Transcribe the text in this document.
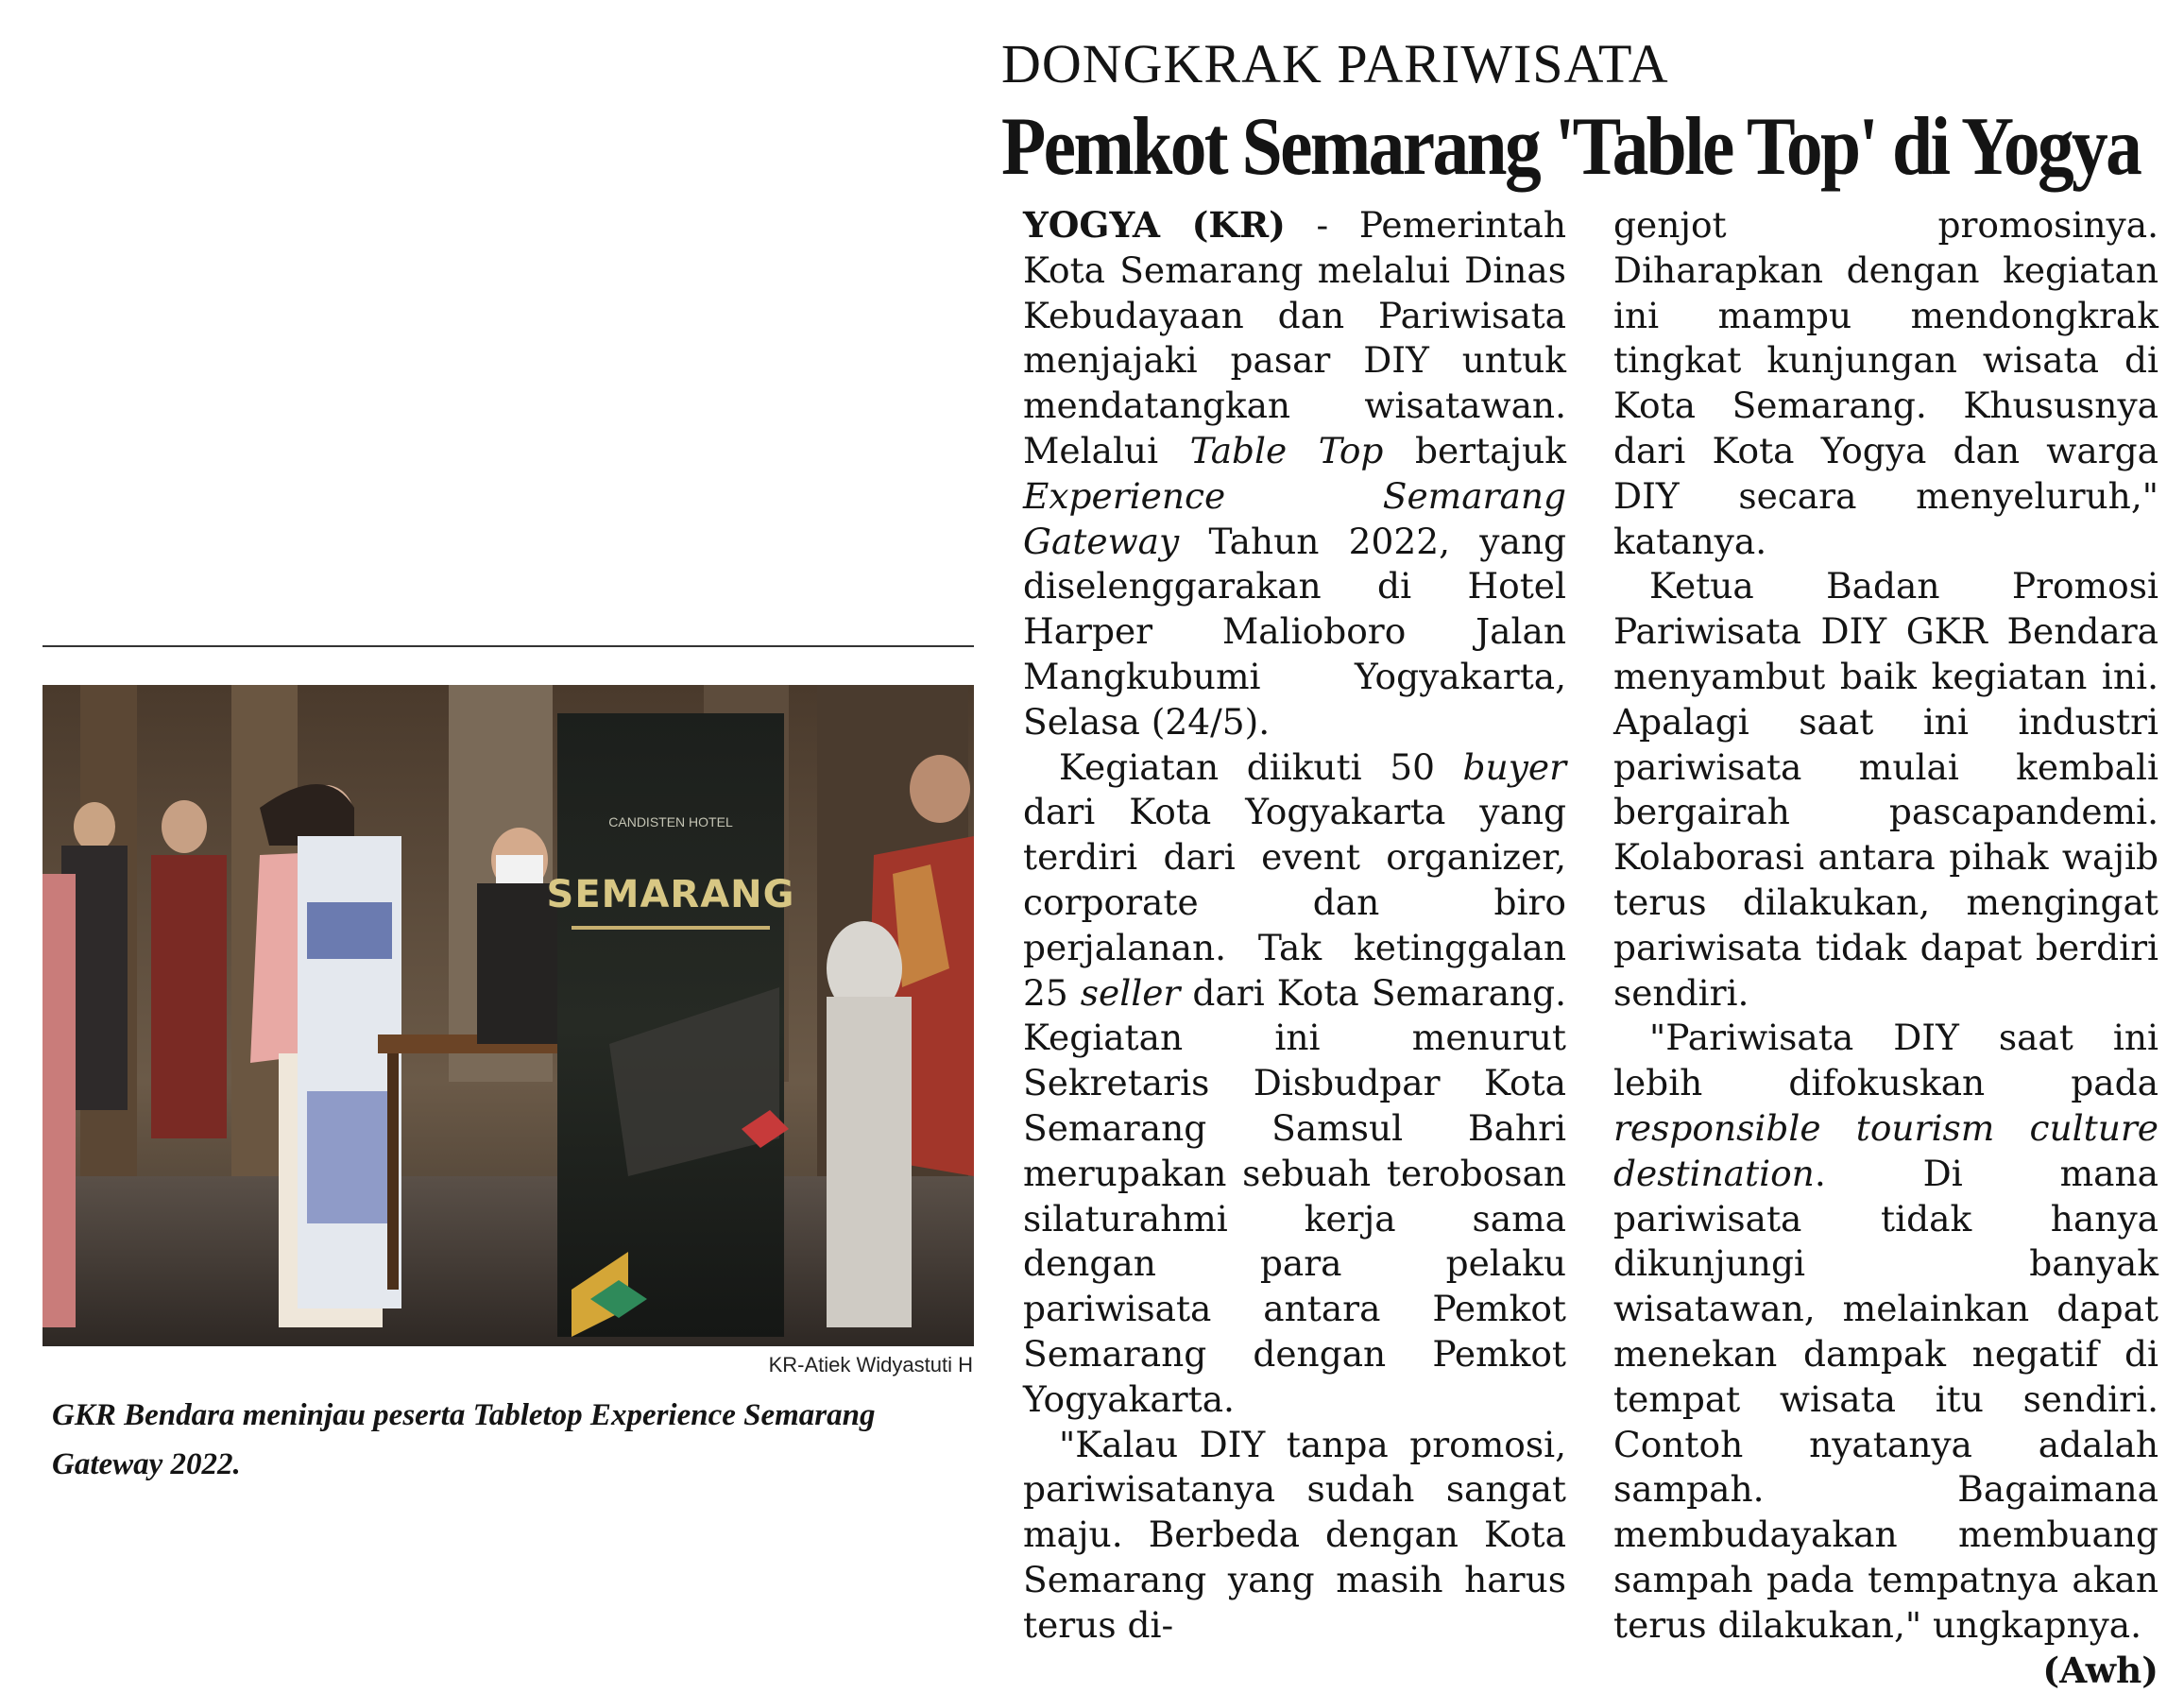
DONGKRAK PARIWISATA
Pemkot Semarang 'Table Top' di Yogya

YOGYA (KR) - Pemerintah Kota Semarang melalui Dinas Kebudayaan dan Pariwisata menjajaki pasar DIY untuk mendatangkan wisatawan. Melalui Table Top bertajuk Experience Semarang Gateway Tahun 2022, yang diselenggarakan di Hotel Harper Malioboro Jalan Mangkubumi Yogyakarta, Selasa (24/5).

Kegiatan diikuti 50 buyer dari Kota Yogyakarta yang terdiri dari event organizer, corporate dan biro perjalanan. Tak ketinggalan 25 seller dari Kota Semarang. Kegiatan ini menurut Sekretaris Disbudpar Kota Semarang Samsul Bahri merupakan sebuah terobosan silaturahmi kerja sama dengan para pelaku pariwisata antara Pemkot Semarang dengan Pemkot Yogyakarta.

"Kalau DIY tanpa promosi, pariwisatanya sudah sangat maju. Berbeda dengan Kota Semarang yang masih harus terus di-

genjot promosinya. Diharapkan dengan kegiatan ini mampu mendongkrak tingkat kunjungan wisata di Kota Semarang. Khususnya dari Kota Yogya dan warga DIY secara menyeluruh," katanya.

Ketua Badan Promosi Pariwisata DIY GKR Bendara menyambut baik kegiatan ini. Apalagi saat ini industri pariwisata mulai kembali bergairah pascapandemi. Kolaborasi antara pihak wajib terus dilakukan, mengingat pariwisata tidak dapat berdiri sendiri.

"Pariwisata DIY saat ini lebih difokuskan pada responsible tourism culture destination. Di mana pariwisata tidak hanya dikunjungi banyak wisatawan, melainkan dapat menekan dampak negatif di tempat wisata itu sendiri. Contoh nyatanya adalah sampah. Bagaimana membudayakan membuang sampah pada tempatnya akan terus dilakukan," ungkapnya.
(Awh)

CANDISTEN HOTEL
SEMARANG
KR-Atiek Widyastuti H
GKR Bendara meninjau peserta Tabletop Experience Semarang Gateway 2022.
